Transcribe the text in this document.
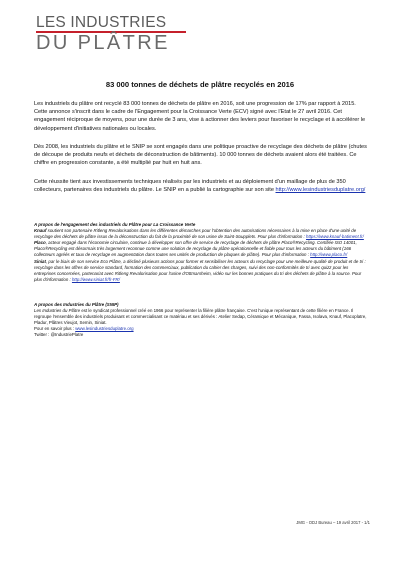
LES INDUSTRIES
DU PLÂTRE
83 000 tonnes de déchets de plâtre recyclés en 2016
Les industriels du plâtre ont recyclé 83 000 tonnes de déchets de plâtre en 2016, soit une progression de 17% par rapport à 2015. Cette annonce s'inscrit dans le cadre de l'Engagement pour la Croissance Verte (ECV) signé avec l'Etat le 27 avril 2016. Cet engagement réciproque de moyens, pour une durée de 3 ans, vise à actionner des leviers pour favoriser le recyclage et à accélérer le développement d'initiatives nationales ou locales.
Dès 2008, les industriels du plâtre et le SNIP se sont engagés dans une politique proactive de recyclage des déchets de plâtre (chutes de découpe de produits neufs et déchets de déconstruction de bâtiments). 10 000 tonnes de déchets avaient alors été traitées. Ce chiffre en progression constante, a été multiplié par huit en huit ans.
Cette réussite tient aux investissements techniques réalisés par les industriels et au déploiement d'un maillage de plus de 350 collecteurs, partenaires des industriels du plâtre. Le SNIP en a publié la cartographie sur son site http://www.lesindustriesduplatre.org/
A propos de l'engagement des industriels du Plâtre pour La Croissance Verte
Knauf soutient son partenaire Ritleng Revalorisations dans les différentes démarches pour l'obtention des autorisations nécessaires à la mise en place d'une unité de recyclage des déchets de plâtre issus de la déconstruction du fait de la proximité de son usine de Saint-Soupplets. Pour plus d'information : https://www.knauf-batiment.fr/
Placo, acteur engagé dans l'économie circulaire, continue à développer son offre de service de recyclage de déchets de plâtre Placo®Recycling. Certifiée ISO 14001, Placo®Recycling est désormais très largement reconnue comme une solution de recyclage du plâtre opérationnelle et fiable pour tous les acteurs du bâtiment (166 collecteurs agréés et taux de recyclage en augmentation dans toutes ses unités de production de plaques de plâtre). Pour plus d'information : http://www.placo.fr/
Siniat, par le biais de son service Eco Plâtre, a décliné plusieurs actions pour former et sensibiliser les acteurs du recyclage pour une meilleure qualité de produit et de tri : recyclage dans les offres de service standard, formation des commerciaux, publication du cahier des charges, suivi des non-conformités de tri avec quizz pour les entreprises concernées, partenariat avec Ritleng Revalorisation pour l'usine d'Ottmarsheim, vidéo sur les bonnes pratiques du tri des déchets de plâtre à la source. Pour plus d'information : http://www.siniat.fr/fr-FR/
A propos des Industries du Plâtre (SNIP)
Les Industries du Plâtre est le syndicat professionnel créé en 1966 pour représenter la filière plâtre française. C'est l'unique représentant de cette filière en France. Il regroupe l'ensemble des industriels produisant et commercialisant ce matériau et ses dérivés : Atelier Sedap, Céramique et Mécanique, Fassa, Isolava, Knauf, Placoplatre, Pladur, Plâtres Vieujot, Semin, Siniat.
Pour en savoir plus : www.lesindustriesduplatre.org
Twitter : @IndustriePlatre
JMG - ODJ Bureau – 19 avril 2017 - 1/1
